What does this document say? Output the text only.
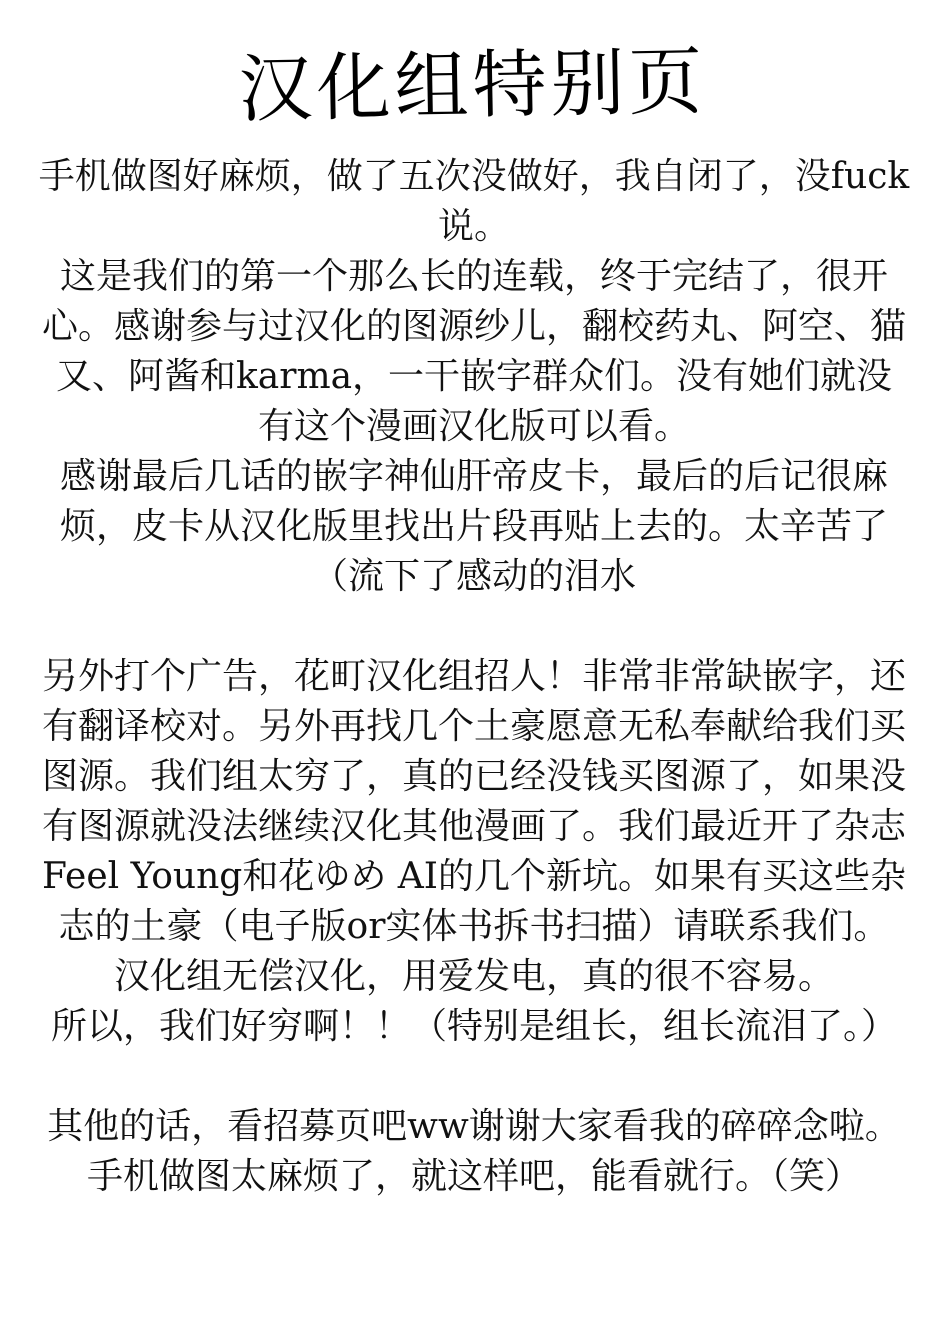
汉化组特别页

手机做图好麻烦，做了五次没做好，我自闭了，没fuck说。

这是我们的第一个那么长的连载，终于完结了，很开心。感谢参与过汉化的图源纱儿，翻校药丸、阿空、猫又、阿酱和karma，一干嵌字群众们。没有她们就没有这个漫画汉化版可以看。

感谢最后几话的嵌字神仙肝帝皮卡，最后的后记很麻烦，皮卡从汉化版里找出片段再贴上去的。太辛苦了（流下了感动的泪水

另外打个广告，花町汉化组招人！非常非常缺嵌字，还有翻译校对。另外再找几个土豪愿意无私奉献给我们买图源。我们组太穷了，真的已经没钱买图源了，如果没有图源就没法继续汉化其他漫画了。我们最近开了杂志Feel Young和花ゆめ AI的几个新坑。如果有买这些杂志的土豪（电子版or实体书拆书扫描）请联系我们。

汉化组无偿汉化，用爱发电，真的很不容易。

所以，我们好穷啊！！（特别是组长，组长流泪了。）

其他的话，看招募页吧ww谢谢大家看我的碎碎念啦。

手机做图太麻烦了，就这样吧，能看就行。（笑）
